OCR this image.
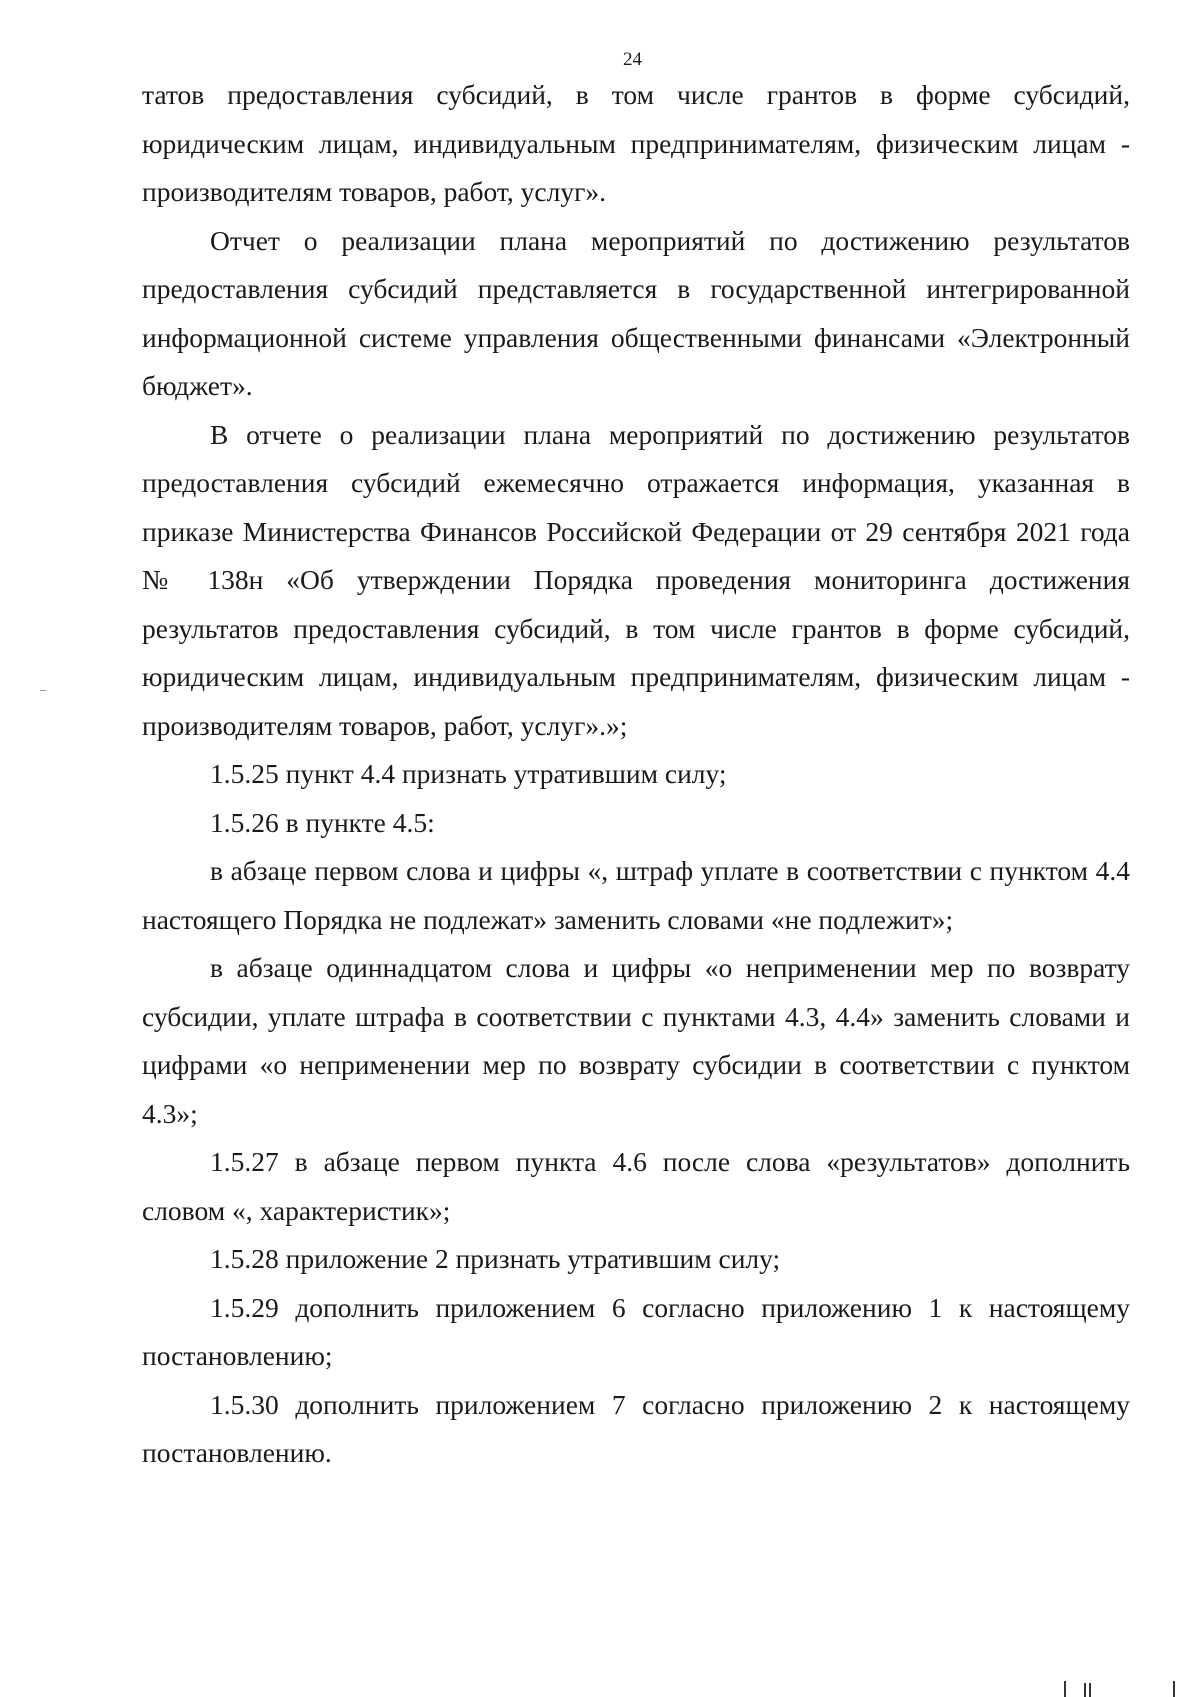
24

татов предоставления субсидий, в том числе грантов в форме субсидий, юридическим лицам, индивидуальным предпринимателям, физическим лицам - производителям товаров, работ, услуг».

Отчет о реализации плана мероприятий по достижению результатов предоставления субсидий представляется в государственной интегрированной информационной системе управления общественными финансами «Электронный бюджет».

В отчете о реализации плана мероприятий по достижению результатов предоставления субсидий ежемесячно отражается информация, указанная в приказе Министерства Финансов Российской Федерации от 29 сентября 2021 года № 138н «Об утверждении Порядка проведения мониторинга достижения результатов предоставления субсидий, в том числе грантов в форме субсидий, юридическим лицам, индивидуальным предпринимателям, физическим лицам - производителям товаров, работ, услуг».»;

1.5.25 пункт 4.4 признать утратившим силу;

1.5.26 в пункте 4.5:

в абзаце первом слова и цифры «, штраф уплате в соответствии с пунктом 4.4 настоящего Порядка не подлежат» заменить словами «не подлежит»;

в абзаце одиннадцатом слова и цифры «о неприменении мер по возврату субсидии, уплате штрафа в соответствии с пунктами 4.3, 4.4» заменить словами и цифрами «о неприменении мер по возврату субсидии в соответствии с пунктом 4.3»;

1.5.27 в абзаце первом пункта 4.6 после слова «результатов» дополнить словом «, характеристик»;

1.5.28 приложение 2 признать утратившим силу;

1.5.29 дополнить приложением 6 согласно приложению 1 к настоящему постановлению;

1.5.30 дополнить приложением 7 согласно приложению 2 к настоящему постановлению.
